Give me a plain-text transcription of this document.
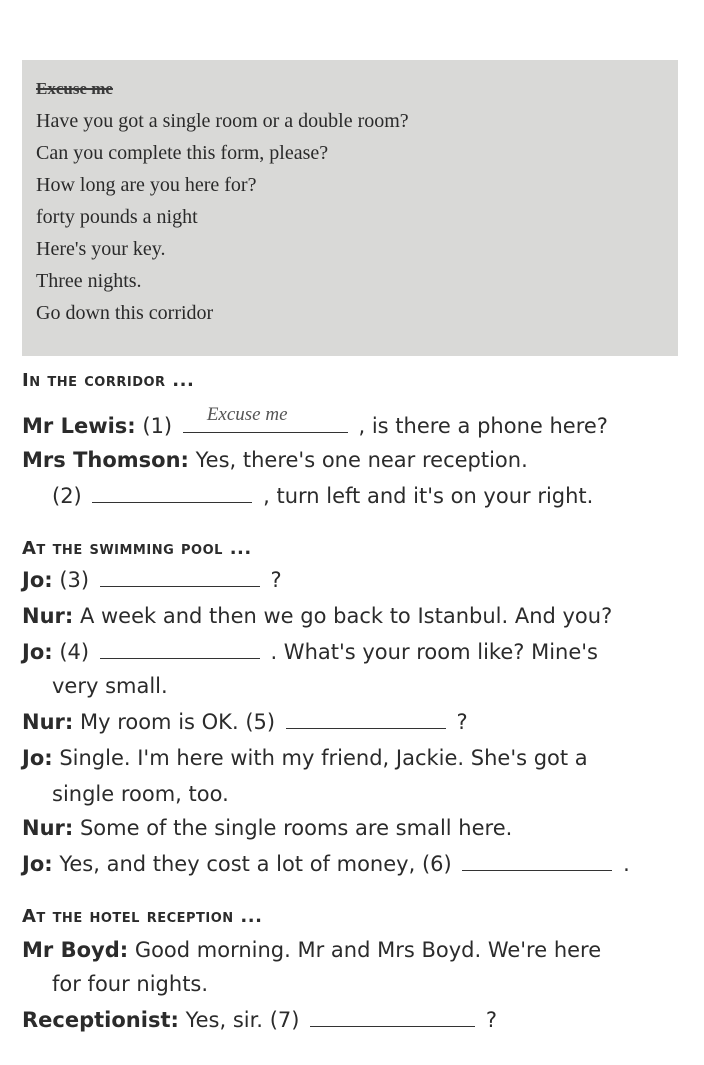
Excuse me
Have you got a single room or a double room?
Can you complete this form, please?
How long are you here for?
forty pounds a night
Here's your key.
Three nights.
Go down this corridor
In the corridor ...
Mr Lewis: (1) Excuse me	, is there a phone here?
Mrs Thomson: Yes, there's one near reception.
(2)	, turn left and it's on your right.
At the swimming pool ...
Jo: (3)	?
Nur: A week and then we go back to Istanbul. And you?
Jo: (4)	. What's your room like? Mine's
very small.
Nur: My room is OK. (5)	?
Jo: Single. I'm here with my friend, Jackie. She's got a
single room, too.
Nur: Some of the single rooms are small here.
Jo: Yes, and they cost a lot of money, (6)	.
At the hotel reception ...
Mr Boyd: Good morning. Mr and Mrs Boyd. We're here
for four nights.
Receptionist: Yes, sir. (7)	?
